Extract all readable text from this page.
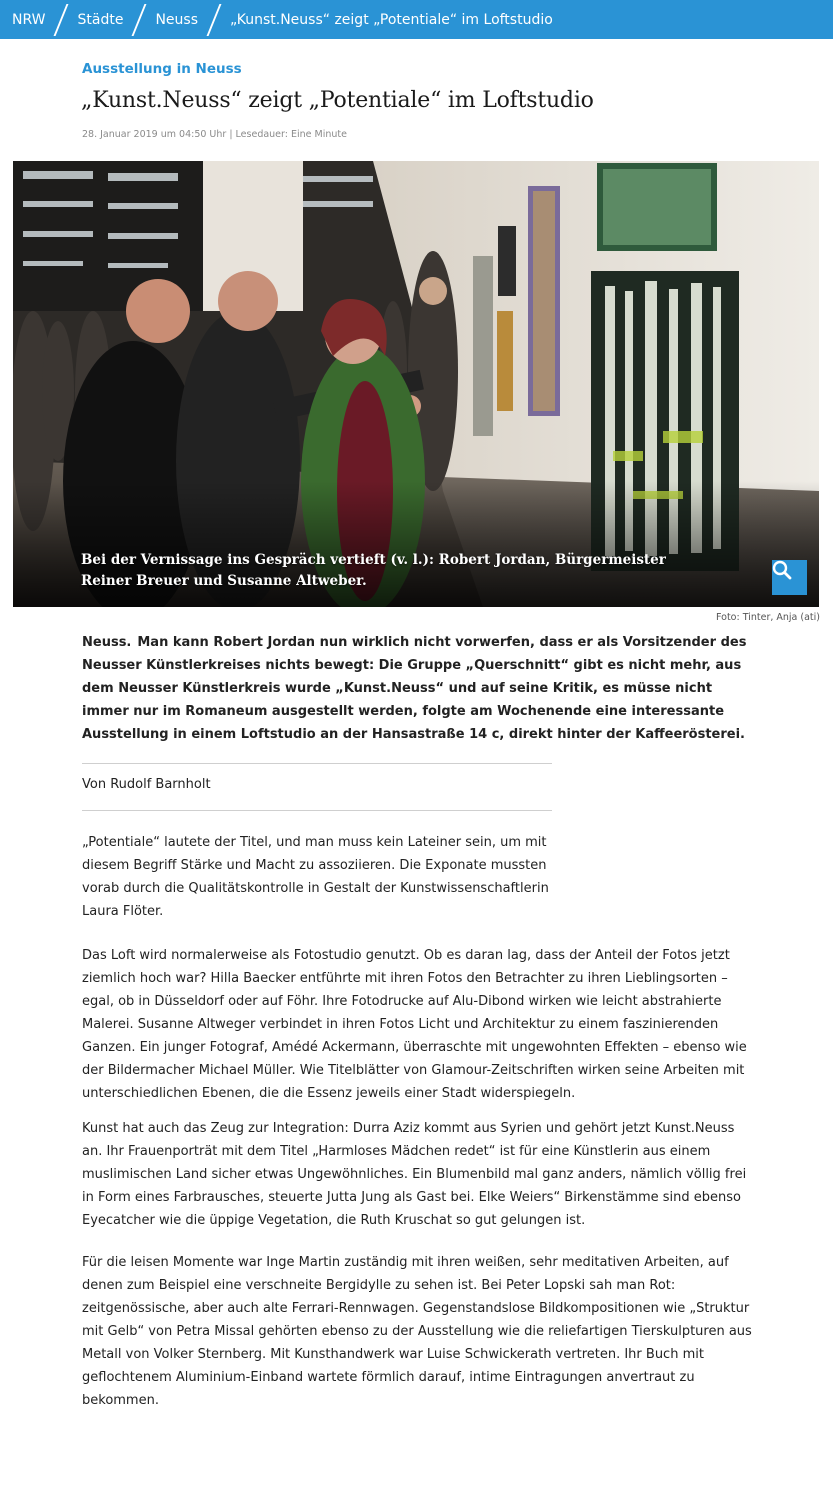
NRW Städte Neuss „Kunst.Neuss“ zeigt „Potentiale“ im Loftstudio
Ausstellung in Neuss
„Kunst.Neuss“ zeigt „Potentiale“ im Loftstudio
28. Januar 2019 um 04:50 Uhr | Lesedauer: Eine Minute
Bei der Vernissage ins Gespräch vertieft (v. l.): Robert Jordan, Bürgermeister Reiner Breuer und Susanne Altweber.
Foto: Tinter, Anja (ati)

Neuss. Man kann Robert Jordan nun wirklich nicht vorwerfen, dass er als Vorsitzender des Neusser Künstlerkreises nichts bewegt: Die Gruppe „Querschnitt“ gibt es nicht mehr, aus dem Neusser Künstlerkreis wurde „Kunst.Neuss“ und auf seine Kritik, es müsse nicht immer nur im Romaneum ausgestellt werden, folgte am Wochenende eine interessante Ausstellung in einem Loftstudio an der Hansastraße 14 c, direkt hinter der Kaffeerösterei.

Von Rudolf Barnholt

„Potentiale“ lautete der Titel, und man muss kein Lateiner sein, um mit diesem Begriff Stärke und Macht zu assoziieren. Die Exponate mussten vorab durch die Qualitätskontrolle in Gestalt der Kunstwissenschaftlerin Laura Flöter.

Das Loft wird normalerweise als Fotostudio genutzt. Ob es daran lag, dass der Anteil der Fotos jetzt ziemlich hoch war? Hilla Baecker entführte mit ihren Fotos den Betrachter zu ihren Lieblingsorten – egal, ob in Düsseldorf oder auf Föhr. Ihre Fotodrucke auf Alu-Dibond wirken wie leicht abstrahierte Malerei. Susanne Altweger verbindet in ihren Fotos Licht und Architektur zu einem faszinierenden Ganzen. Ein junger Fotograf, Amédé Ackermann, überraschte mit ungewohnten Effekten – ebenso wie der Bildermacher Michael Müller. Wie Titelblätter von Glamour-Zeitschriften wirken seine Arbeiten mit unterschiedlichen Ebenen, die die Essenz jeweils einer Stadt widerspiegeln.

Kunst hat auch das Zeug zur Integration: Durra Aziz kommt aus Syrien und gehört jetzt Kunst.Neuss an. Ihr Frauenporträt mit dem Titel „Harmloses Mädchen redet“ ist für eine Künstlerin aus einem muslimischen Land sicher etwas Ungewöhnliches. Ein Blumenbild mal ganz anders, nämlich völlig frei in Form eines Farbrausches, steuerte Jutta Jung als Gast bei. Elke Weiers“ Birkenstämme sind ebenso Eyecatcher wie die üppige Vegetation, die Ruth Kruschat so gut gelungen ist.

Für die leisen Momente war Inge Martin zuständig mit ihren weißen, sehr meditativen Arbeiten, auf denen zum Beispiel eine verschneite Bergidylle zu sehen ist. Bei Peter Lopski sah man Rot: zeitgenössische, aber auch alte Ferrari-Rennwagen. Gegenstandslose Bildkompositionen wie „Struktur mit Gelb“ von Petra Missal gehörten ebenso zu der Ausstellung wie die reliefartigen Tierskulpturen aus Metall von Volker Sternberg. Mit Kunsthandwerk war Luise Schwickerath vertreten. Ihr Buch mit geflochtenem Aluminium-Einband wartete förmlich darauf, intime Eintragungen anvertraut zu bekommen.
